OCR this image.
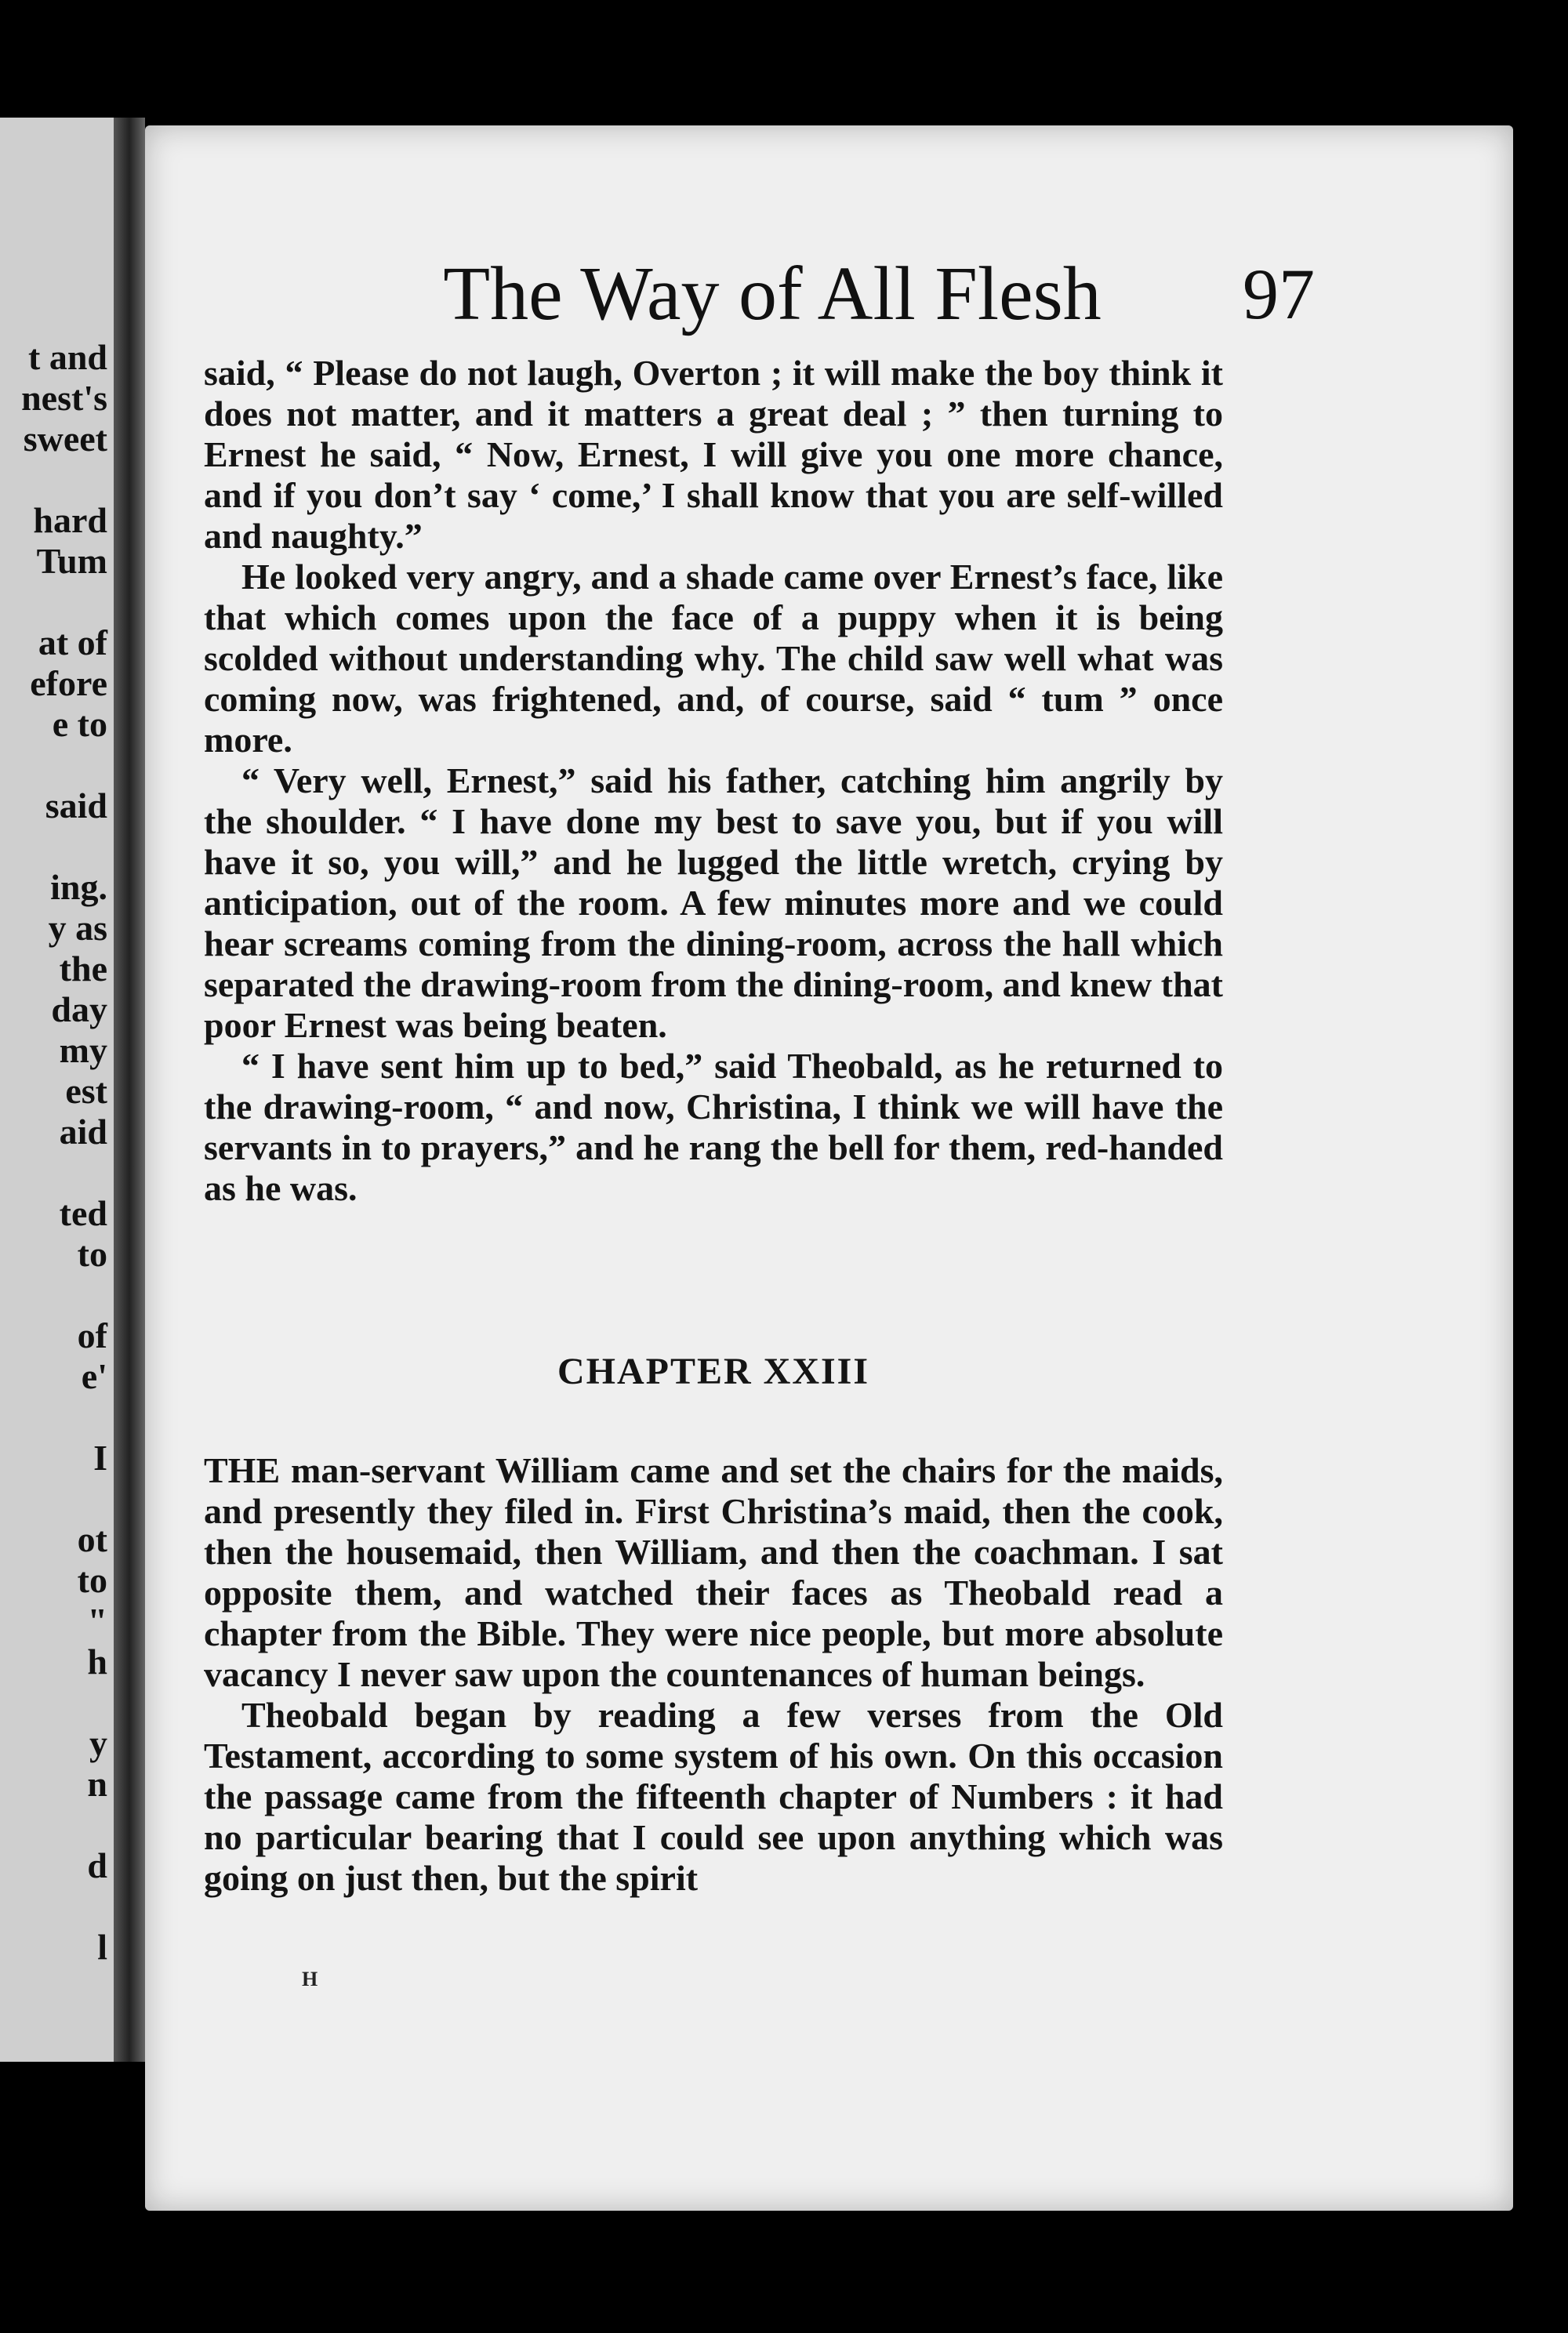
t and
nest's
sweet
hard
Tum
at of
efore
e to
said
ing.
y as
the
day
my
est
aid
ted
to
of
e'
I
ot
to
"
h
y
n
d
l
The Way of All Flesh	97

said, “ Please do not laugh, Overton ; it will make the boy think it does not matter, and it matters a great deal ; ” then turning to Ernest he said, “ Now, Ernest, I will give you one more chance, and if you don’t say ‘ come,’ I shall know that you are self-willed and naughty.”

He looked very angry, and a shade came over Ernest’s face, like that which comes upon the face of a puppy when it is being scolded without understanding why. The child saw well what was coming now, was frightened, and, of course, said “ tum ” once more.

“ Very well, Ernest,” said his father, catching him angrily by the shoulder. “ I have done my best to save you, but if you will have it so, you will,” and he lugged the little wretch, crying by anticipation, out of the room. A few minutes more and we could hear screams coming from the dining-room, across the hall which separated the drawing-room from the dining-room, and knew that poor Ernest was being beaten.

“ I have sent him up to bed,” said Theobald, as he returned to the drawing-room, “ and now, Christina, I think we will have the servants in to prayers,” and he rang the bell for them, red-handed as he was.

CHAPTER XXIII

THE man-servant William came and set the chairs for the maids, and presently they filed in. First Christina’s maid, then the cook, then the housemaid, then William, and then the coachman. I sat opposite them, and watched their faces as Theobald read a chapter from the Bible. They were nice people, but more absolute vacancy I never saw upon the countenances of human beings.

Theobald began by reading a few verses from the Old Testament, according to some system of his own. On this occasion the passage came from the fifteenth chapter of Numbers : it had no particular bearing that I could see upon anything which was going on just then, but the spirit

H
